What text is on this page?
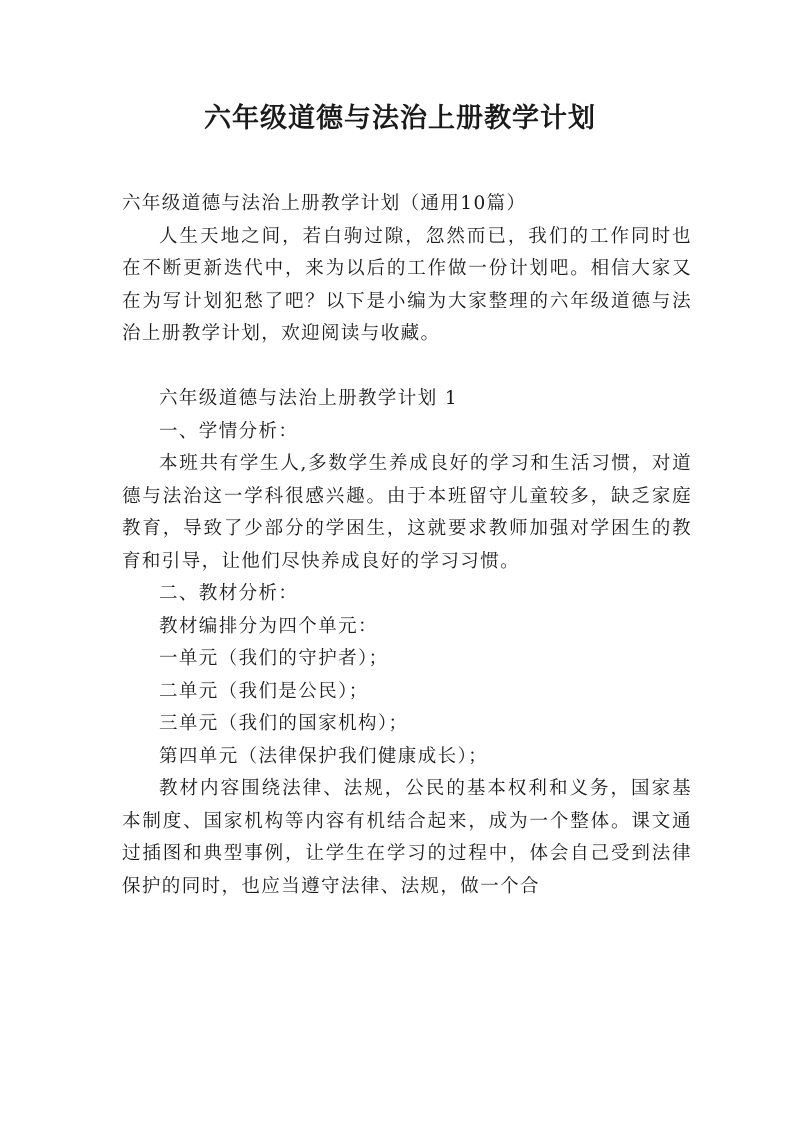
六年级道德与法治上册教学计划

六年级道德与法治上册教学计划（通用10篇）

人生天地之间，若白驹过隙，忽然而已，我们的工作同时也在不断更新迭代中，来为以后的工作做一份计划吧。相信大家又在为写计划犯愁了吧？以下是小编为大家整理的六年级道德与法治上册教学计划，欢迎阅读与收藏。

六年级道德与法治上册教学计划 1

一、学情分析：

本班共有学生人,多数学生养成良好的学习和生活习惯，对道德与法治这一学科很感兴趣。由于本班留守儿童较多，缺乏家庭教育，导致了少部分的学困生，这就要求教师加强对学困生的教育和引导，让他们尽快养成良好的学习习惯。

二、教材分析：

教材编排分为四个单元：

一单元（我们的守护者）；

二单元（我们是公民）；

三单元（我们的国家机构）；

第四单元（法律保护我们健康成长）；

教材内容围绕法律、法规，公民的基本权利和义务，国家基本制度、国家机构等内容有机结合起来，成为一个整体。课文通过插图和典型事例，让学生在学习的过程中，体会自己受到法律保护的同时，也应当遵守法律、法规，做一个合
